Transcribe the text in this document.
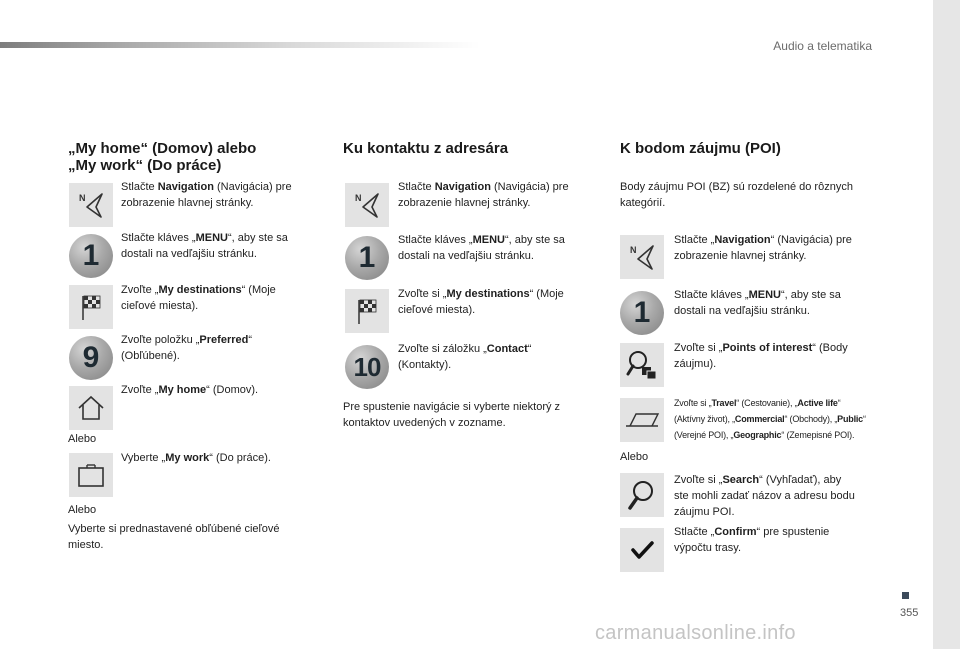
Audio a telematika
„My home“ (Domov) alebo
„My work“ (Do práce)
N

Stlačte Navigation (Navigácia) pre
zobrazenie hlavnej stránky.

1

Stlačte kláves „MENU“, aby ste sa
dostali na vedľajšiu stránku.

Zvoľte „My destinations“ (Moje
cieľové miesta).

9

Zvoľte položku „Preferred“
(Obľúbené).

Zvoľte „My home“ (Domov).

Alebo

Vyberte „My work“ (Do práce).

Alebo

Vyberte si prednastavené obľúbené cieľové
miesto.

Ku kontaktu z adresára
N

Stlačte Navigation (Navigácia) pre
zobrazenie hlavnej stránky.

1

Stlačte kláves „MENU“, aby ste sa
dostali na vedľajšiu stránku.

Zvoľte si „My destinations“ (Moje
cieľové miesta).

10

Zvoľte si záložku „Contact“
(Kontakty).

Pre spustenie navigácie si vyberte niektorý z
kontaktov uvedených v zozname.

K bodom záujmu (POI)

Body záujmu POI (BZ) sú rozdelené do rôznych
kategórií.

N

Stlačte „Navigation“ (Navigácia) pre
zobrazenie hlavnej stránky.

1

Stlačte kláves „MENU“, aby ste sa
dostali na vedľajšiu stránku.

Zvoľte si „Points of interest“ (Body
záujmu).

Zvoľte si „Travel“ (Cestovanie), „Active life“
(Aktívny život), „Commercial“ (Obchody), „Public“
(Verejné POI), „Geographic“ (Zemepisné POI).

Alebo

Zvoľte si „Search“ (Vyhľadať), aby
ste mohli zadať názov a adresu bodu
záujmu POI.

Stlačte „Confirm“ pre spustenie
výpočtu trasy.

355
carmanualsonline.info
